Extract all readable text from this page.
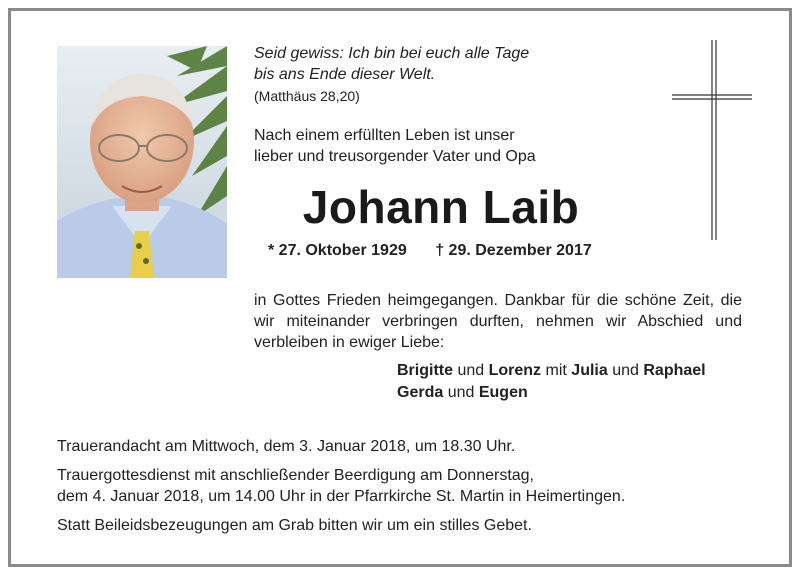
Seid gewiss: Ich bin bei euch alle Tage
bis ans Ende dieser Welt.
(Matthäus 28,20)
Nach einem erfüllten Leben ist unser
lieber und treusorgender Vater und Opa
Johann Laib
* 27. Oktober 1929 † 29. Dezember 2017
in Gottes Frieden heimgegangen. Dankbar für die schöne Zeit, die wir miteinander verbringen durften, nehmen wir Abschied und verbleiben in ewiger Liebe:
Brigitte und Lorenz mit Julia und Raphael
Gerda und Eugen
Trauerandacht am Mittwoch, dem 3. Januar 2018, um 18.30 Uhr.
Trauergottesdienst mit anschließender Beerdigung am Donnerstag,
dem 4. Januar 2018, um 14.00 Uhr in der Pfarrkirche St. Martin in Heimertingen.
Statt Beileidsbezeugungen am Grab bitten wir um ein stilles Gebet.
